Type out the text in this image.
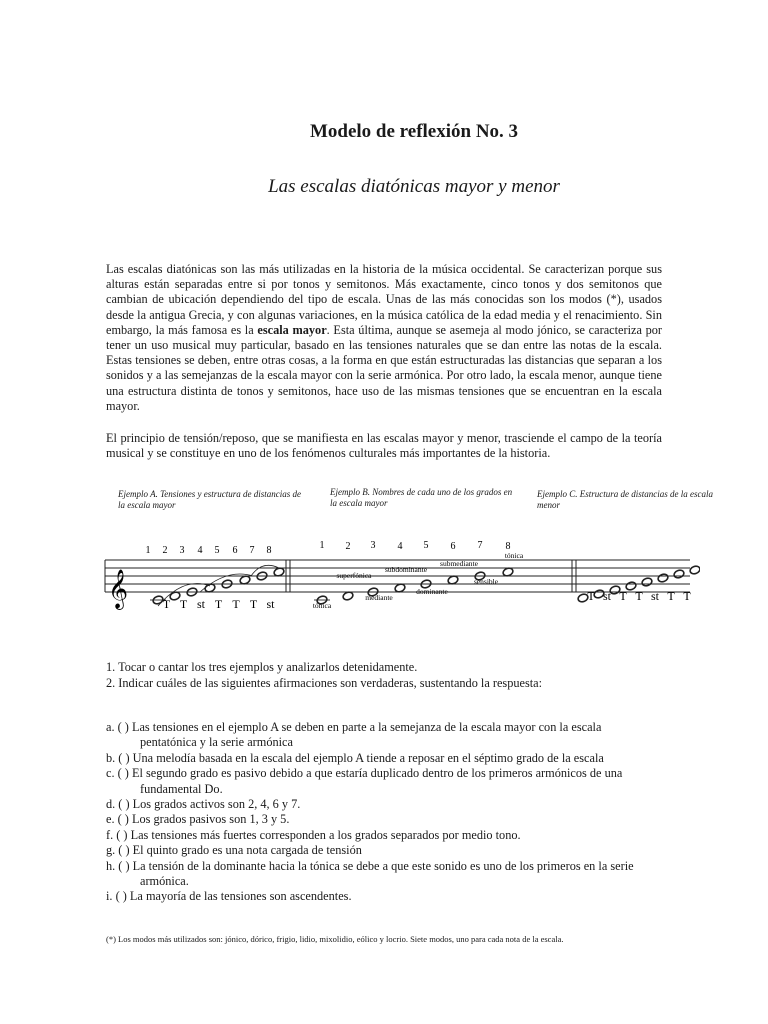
Modelo de reflexión No. 3
Las escalas diatónicas mayor y menor

Las escalas diatónicas son las más utilizadas en la historia de la música occidental. Se caracterizan porque sus alturas están separadas entre si por tonos y semitonos. Más exactamente, cinco tonos y dos semitonos que cambian de ubicación dependiendo del tipo de escala. Unas de las más conocidas son los modos (*), usados desde la antigua Grecia, y con algunas variaciones, en la música católica de la edad media y el renacimiento. Sin embargo, la más famosa es la escala mayor. Esta última, aunque se asemeja al modo jónico, se caracteriza por tener un uso musical muy particular, basado en las tensiones naturales que se dan entre las notas de la escala. Estas tensiones se deben, entre otras cosas, a la forma en que están estructuradas las distancias que separan a los sonidos y a las semejanzas de la escala mayor con la serie armónica. Por otro lado, la escala menor, aunque tiene una estructura distinta de tonos y semitonos, hace uso de las mismas tensiones que se encuentran en la escala mayor.

El principio de tensión/reposo, que se manifiesta en las escalas mayor y menor, trasciende el campo de la teoría musical y se constituye en uno de los fenómenos culturales más importantes de la historia.

Ejemplo A. Tensiones y estructura de distancias de la escala mayor

Ejemplo B. Nombres de cada uno de los grados en la escala mayor

Ejemplo C. Estructura de distancias de la escala menor

𝄞
1 2 3 4 5 6 7 8
T T st T T T st
1 2 3 4 5 6 7 8
tónica
superfónica
mediante
subdominante
dominante
submediante
sensible
tónica
T st T T st T T

1. Tocar o cantar los tres ejemplos y analizarlos detenidamente.

2. Indicar cuáles de las siguientes afirmaciones son verdaderas, sustentando la respuesta:

a. ( ) Las tensiones en el ejemplo A se deben en parte a la semejanza de la escala mayor con la escala
pentatónica y la serie armónica
b. ( ) Una melodía basada en la escala del ejemplo A tiende a reposar en el séptimo grado de la escala
c. ( ) El segundo grado es pasivo debido a que estaría duplicado dentro de los primeros armónicos de una
fundamental Do.
d. ( ) Los grados activos son 2, 4, 6 y 7.
e. ( ) Los grados pasivos son 1, 3 y 5.
f. ( ) Las tensiones más fuertes corresponden a los grados separados por medio tono.
g. ( ) El quinto grado es una nota cargada de tensión
h. ( ) La tensión de la dominante hacia la tónica se debe a que este sonido es uno de los primeros en la serie
armónica.
i. ( ) La mayoría de las tensiones son ascendentes.

(*) Los modos más utilizados son: jónico, dórico, frigio, lidio, mixolidio, eólico y locrio. Siete modos, uno para cada nota de la escala.
